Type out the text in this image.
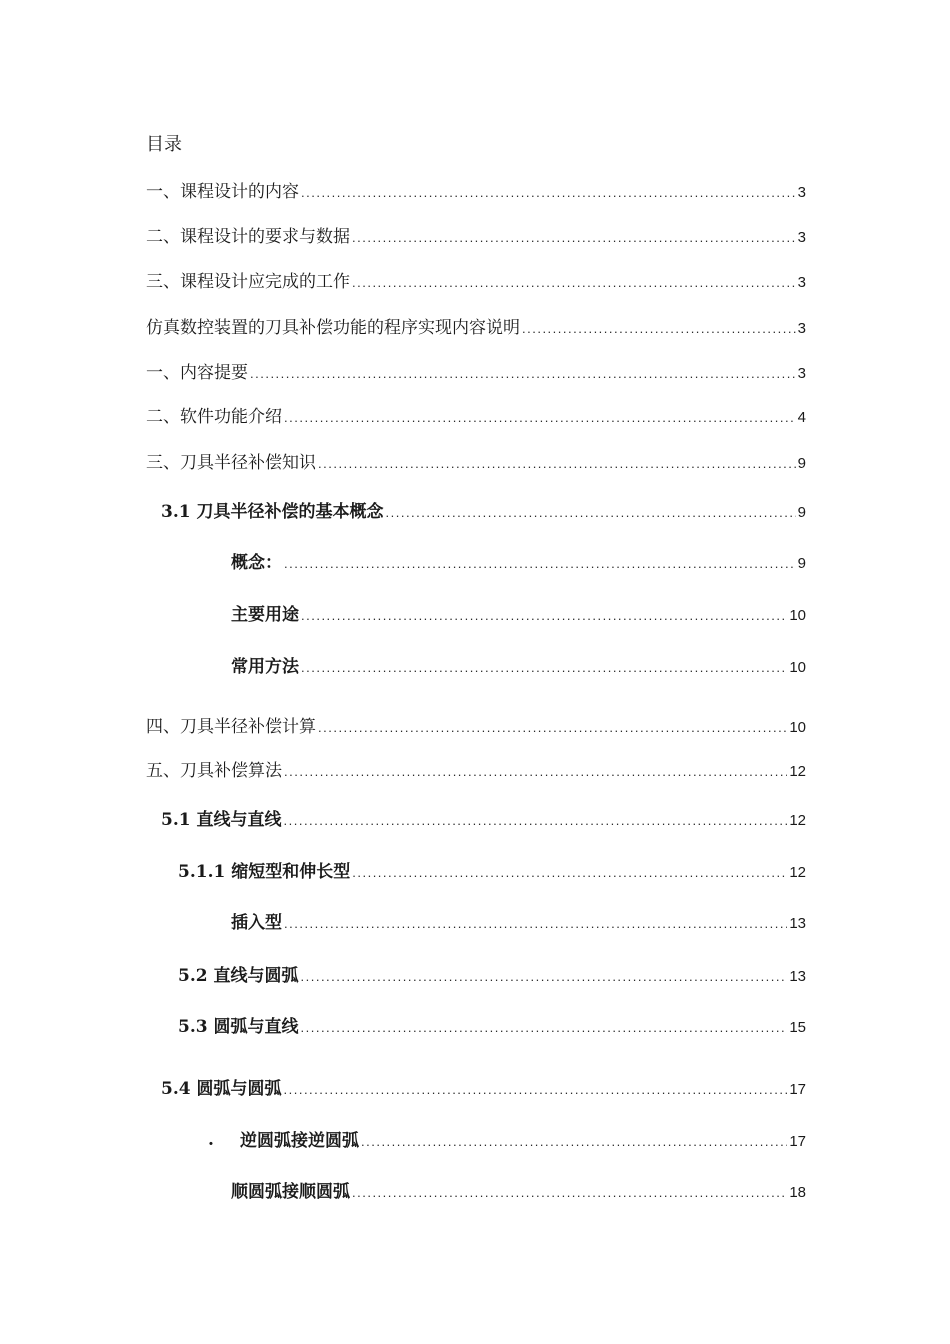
目录
一、课程设计的内容 .....	3
二、课程设计的要求与数据 .....	3
三、课程设计应完成的工作 .....	3
仿真数控装置的刀具补偿功能的程序实现内容说明 .....	3
一、内容提要 .....	3
二、软件功能介绍 .....	4
三、刀具半径补偿知识 .....	9
3.1 刀具半径补偿的基本概念 .....	9
概念： .....	9
主要用途 .....	10
常用方法 .....	10
四、刀具半径补偿计算 .....	10
五、刀具补偿算法 .....	12
5.1 直线与直线 .....	12
5.1.1 缩短型和伸长型 .....	12
插入型 .....	13
5.2 直线与圆弧 .....	13
5.3 圆弧与直线 .....	15
5.4 圆弧与圆弧 .....	17
. 逆圆弧接逆圆弧 .....	17
顺圆弧接顺圆弧 .....	18
